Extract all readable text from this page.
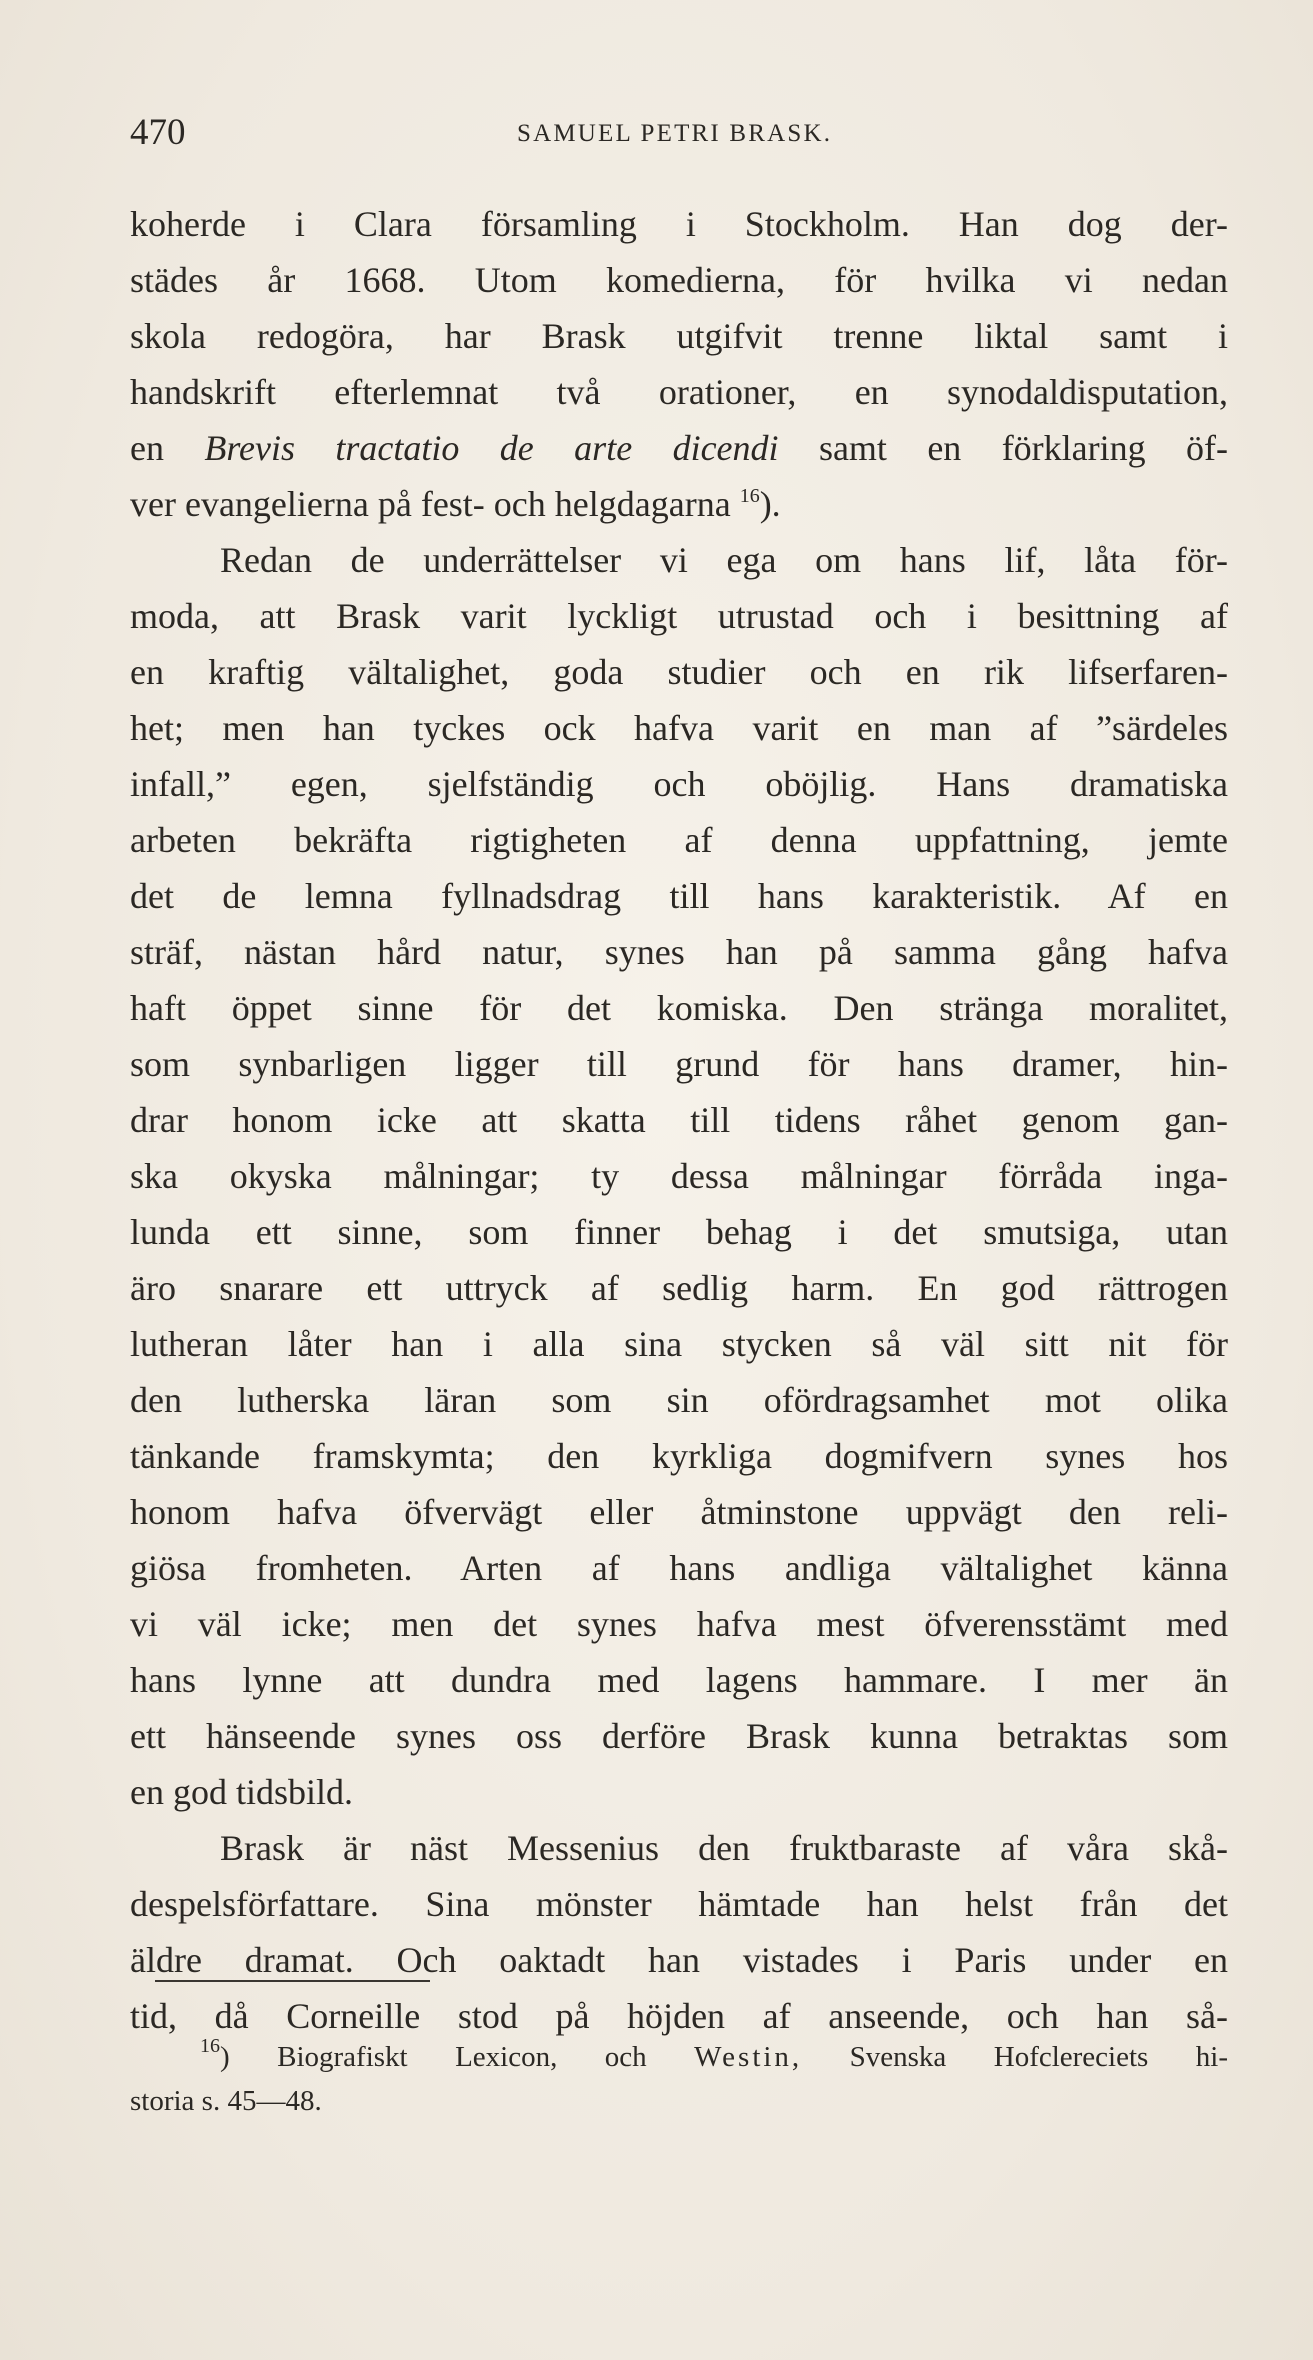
470	SAMUEL PETRI BRASK.
koherde i Clara församling i Stockholm. Han dog der-
städes år 1668. Utom komedierna, för hvilka vi nedan
skola redogöra, har Brask utgifvit trenne liktal samt i
handskrift efterlemnat två orationer, en synodaldisputation,
en Brevis tractatio de arte dicendi samt en förklaring öf-
ver evangelierna på fest- och helgdagarna $^{16}$).
Redan de underrättelser vi ega om hans lif, låta för-
moda, att Brask varit lyckligt utrustad och i besittning af
en kraftig vältalighet, goda studier och en rik lifserfaren-
het; men han tyckes ock hafva varit en man af ”särdeles
infall,” egen, sjelfständig och oböjlig. Hans dramatiska
arbeten bekräfta rigtigheten af denna uppfattning, jemte
det de lemna fyllnadsdrag till hans karakteristik. Af en
sträf, nästan hård natur, synes han på samma gång hafva
haft öppet sinne för det komiska. Den stränga moralitet,
som synbarligen ligger till grund för hans dramer, hin-
drar honom icke att skatta till tidens råhet genom gan-
ska okyska målningar; ty dessa målningar förråda inga-
lunda ett sinne, som finner behag i det smutsiga, utan
äro snarare ett uttryck af sedlig harm. En god rättrogen
lutheran låter han i alla sina stycken så väl sitt nit för
den lutherska läran som sin ofördragsamhet mot olika
tänkande framskymta; den kyrkliga dogmifvern synes hos
honom hafva öfvervägt eller åtminstone uppvägt den reli-
giösa fromheten. Arten af hans andliga vältalighet känna
vi väl icke; men det synes hafva mest öfverensstämt med
hans lynne att dundra med lagens hammare. I mer än
ett hänseende synes oss derföre Brask kunna betraktas som
en god tidsbild.
Brask är näst Messenius den fruktbaraste af våra skå-
despelsförfattare. Sina mönster hämtade han helst från det
äldre dramat. Och oaktadt han vistades i Paris under en
tid, då Corneille stod på höjden af anseende, och han så-
$^{16}$) Biografiskt Lexicon, och Westin, Svenska Hofclereciets hi-
storia s. 45—48.
